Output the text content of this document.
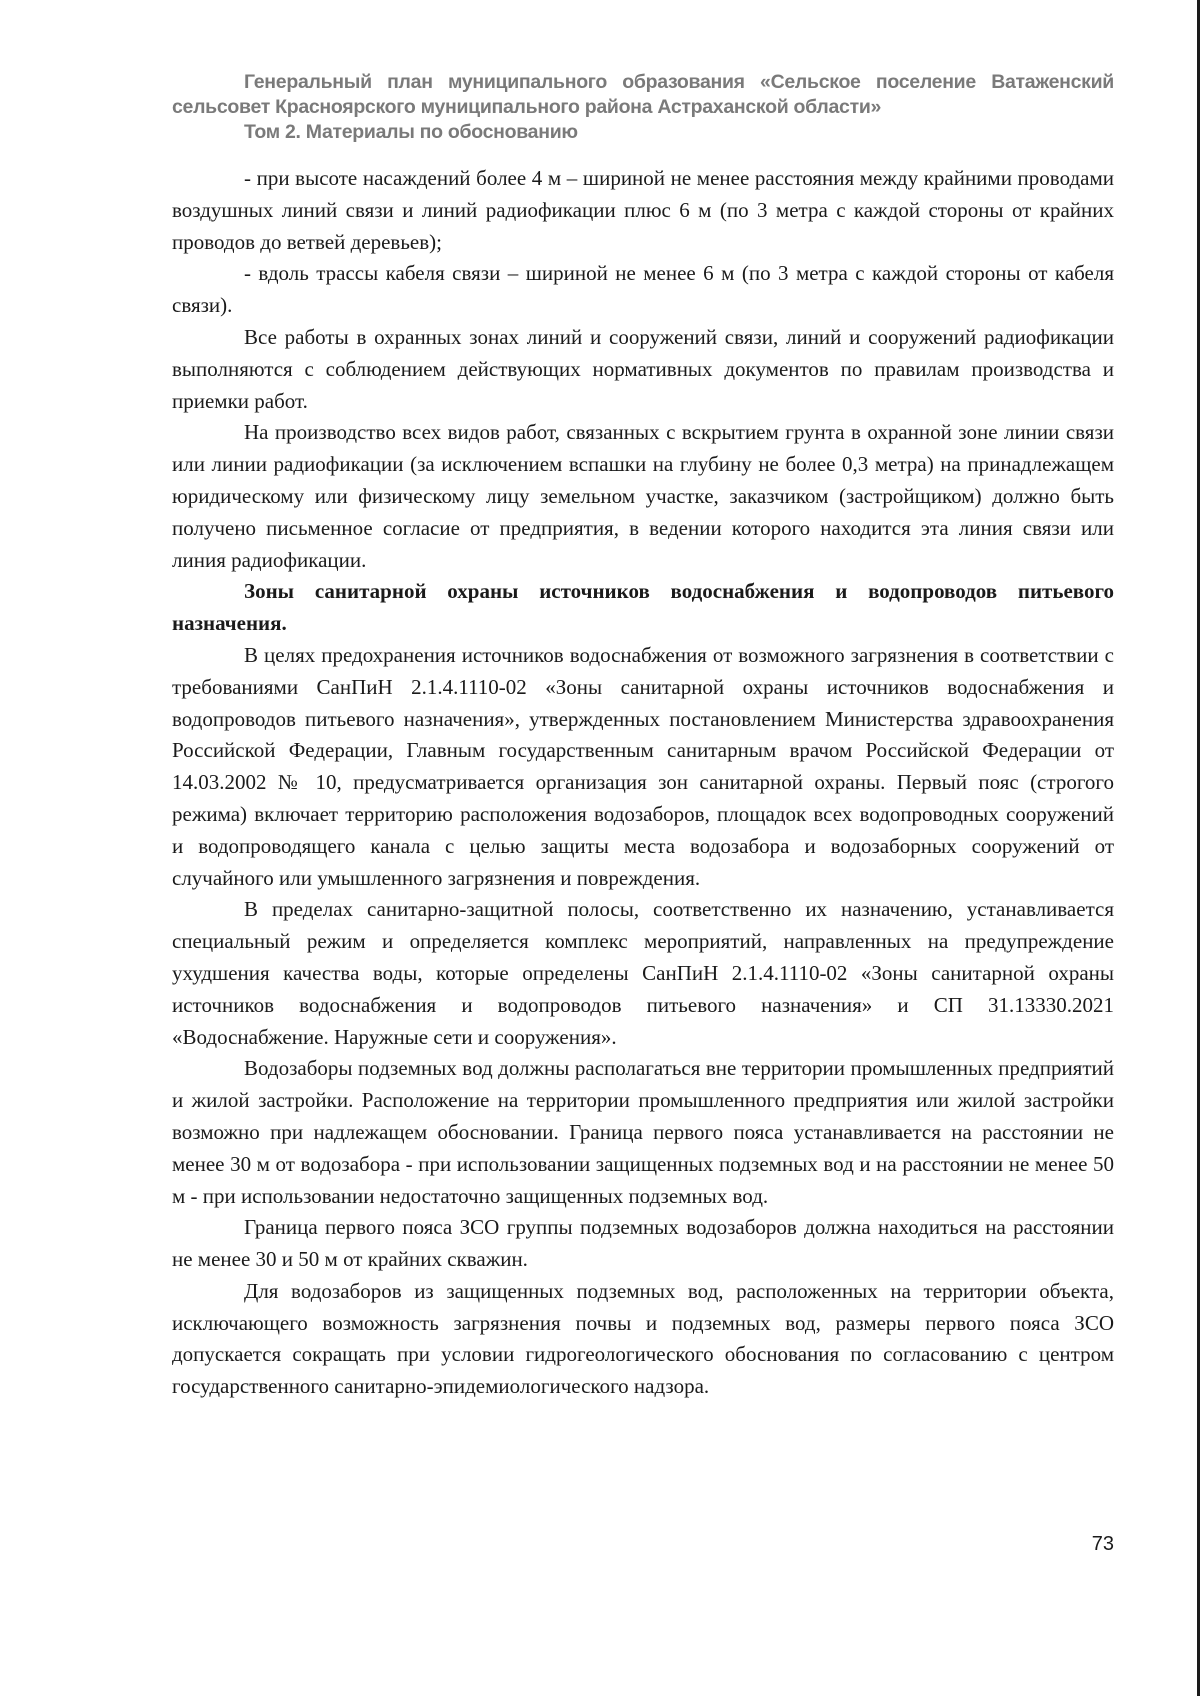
Генеральный план муниципального образования «Сельское поселение Ватаженский
сельсовет Красноярского муниципального района Астраханской области»
Том 2. Материалы по обоснованию

- при высоте насаждений более 4 м – шириной не менее расстояния между крайними проводами воздушных линий связи и линий радиофикации плюс 6 м (по 3 метра с каждой стороны от крайних проводов до ветвей деревьев);

- вдоль трассы кабеля связи – шириной не менее 6 м (по 3 метра с каждой стороны от кабеля связи).

Все работы в охранных зонах линий и сооружений связи, линий и сооружений радиофикации выполняются с соблюдением действующих нормативных документов по правилам производства и приемки работ.

На производство всех видов работ, связанных с вскрытием грунта в охранной зоне линии связи или линии радиофикации (за исключением вспашки на глубину не более 0,3 метра) на принадлежащем юридическому или физическому лицу земельном участке, заказчиком (застройщиком) должно быть получено письменное согласие от предприятия, в ведении которого находится эта линия связи или линия радиофикации.

Зоны санитарной охраны источников водоснабжения и водопроводов питьевого назначения.

В целях предохранения источников водоснабжения от возможного загрязнения в соответствии с требованиями СанПиН 2.1.4.1110-02 «Зоны санитарной охраны источников водоснабжения и водопроводов питьевого назначения», утвержденных постановлением Министерства здравоохранения Российской Федерации, Главным государственным санитарным врачом Российской Федерации от 14.03.2002 № 10, предусматривается организация зон санитарной охраны. Первый пояс (строгого режима) включает территорию расположения водозаборов, площадок всех водопроводных сооружений и водопроводящего канала с целью защиты места водозабора и водозаборных сооружений от случайного или умышленного загрязнения и повреждения.

В пределах санитарно-защитной полосы, соответственно их назначению, устанавливается специальный режим и определяется комплекс мероприятий, направленных на предупреждение ухудшения качества воды, которые определены СанПиН 2.1.4.1110-02 «Зоны санитарной охраны источников водоснабжения и водопроводов питьевого назначения» и СП 31.13330.2021 «Водоснабжение. Наружные сети и сооружения».

Водозаборы подземных вод должны располагаться вне территории промышленных предприятий и жилой застройки. Расположение на территории промышленного предприятия или жилой застройки возможно при надлежащем обосновании. Граница первого пояса устанавливается на расстоянии не менее 30 м от водозабора - при использовании защищенных подземных вод и на расстоянии не менее 50 м - при использовании недостаточно защищенных подземных вод.

Граница первого пояса ЗСО группы подземных водозаборов должна находиться на расстоянии не менее 30 и 50 м от крайних скважин.

Для водозаборов из защищенных подземных вод, расположенных на территории объекта, исключающего возможность загрязнения почвы и подземных вод, размеры первого пояса ЗСО допускается сокращать при условии гидрогеологического обоснования по согласованию с центром государственного санитарно-эпидемиологического надзора.

73
